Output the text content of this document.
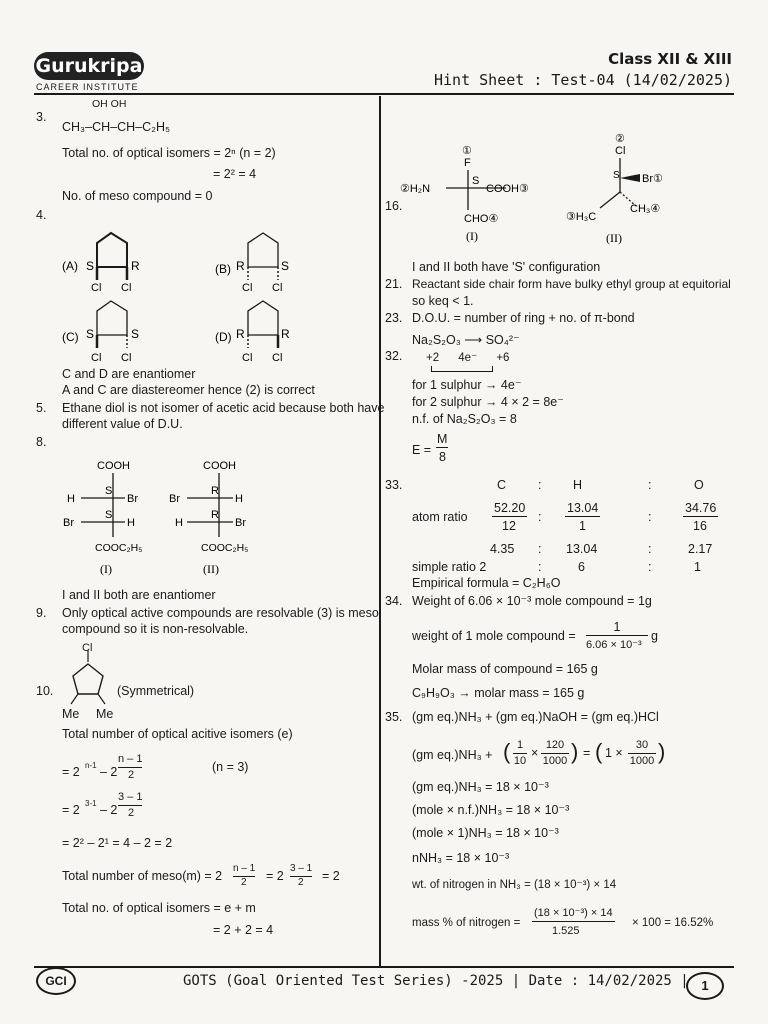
Gurukripa
CAREER INSTITUTE
Class XII & XIII
Hint Sheet : Test-04 (14/02/2025)
3.
OH OH
CH₃–CH–CH–C₂H₅
Total no. of optical isomers = 2ⁿ (n = 2)
= 2² = 4
No. of meso compound = 0
4.
(A) S	R
Cl Cl
(B) R	S
Cl Cl
(C) S	S
Cl Cl
(D) R	R
Cl Cl
C and D are enantiomer
A and C are diastereomer hence (2) is correct
5. Ethane diol is not isomer of acetic acid because both have
different value of D.U.
8.
COOH
H
S
Br
Br
S
H
COOC₂H₅
(I)
COOH
Br
R
H
H
R
Br
COOC₂H₅
(II)
I and II both are enantiomer
9. Only optical active compounds are resolvable (3) is meso
compound so it is non-resolvable.
Cl
10.	(Symmetrical)
Me Me
Total number of optical acitive isomers (e)
= 2 n-1 – 2
n – 1
2
(n = 3)
= 2 3-1 – 2
3 – 1
2
= 2² – 2¹ = 4 – 2 = 2
Total number of meso(m) = 2
n – 1
2 = 2
3 – 1
2 = 2
Total no. of optical isomers = e + m
= 2 + 2 = 4
16.
①
F
②H₂N
S
COOH③
CHO④
(I)
②
Cl
Br①
S
③H₃C
CH₃④
(II)
I and II both have 'S' configuration
21. Reactant side chair form have bulky ethyl group at equitorial
so keq < 1.
23. D.O.U. = number of ring + no. of π-bond
Na₂S₂O₃ ⟶ SO₄²⁻
32. +2      4e⁻      +6
for 1 sulphur → 4e⁻
for 2 sulphur → 4 × 2 = 8e⁻
n.f. of Na₂S₂O₃ = 8
E =
M
8
33.	C	:	H	:	O
atom ratio
52.20
12
:
13.04
1
:
34.76
16
4.35 : 13.04	:	2.17
simple ratio 2	:	6	:	1
Empirical formula = C₂H₆O
34. Weight of 6.06 × 10⁻³ mole compound = 1g
weight of 1 mole compound =
1
6.06 × 10⁻³
g
Molar mass of compound = 165 g
C₉H₉O₃ → molar mass = 165 g
35. (gm eq.)NH₃ + (gm eq.)NaOH = (gm eq.)HCl
(gm eq.)NH₃ + ( 1
10
×
120
1000 ) = ( 1 ×
30
1000 )
(gm eq.)NH₃ = 18 × 10⁻³
(mole × n.f.)NH₃ = 18 × 10⁻³
(mole × 1)NH₃ = 18 × 10⁻³
nNH₃ = 18 × 10⁻³
wt. of nitrogen in NH₃ = (18 × 10⁻³) × 14
mass % of nitrogen =
(18 × 10⁻³) × 14
1.525
× 100 = 16.52%
GCI	GOTS (Goal Oriented Test Series) -2025 | Date : 14/02/2025 | 1
